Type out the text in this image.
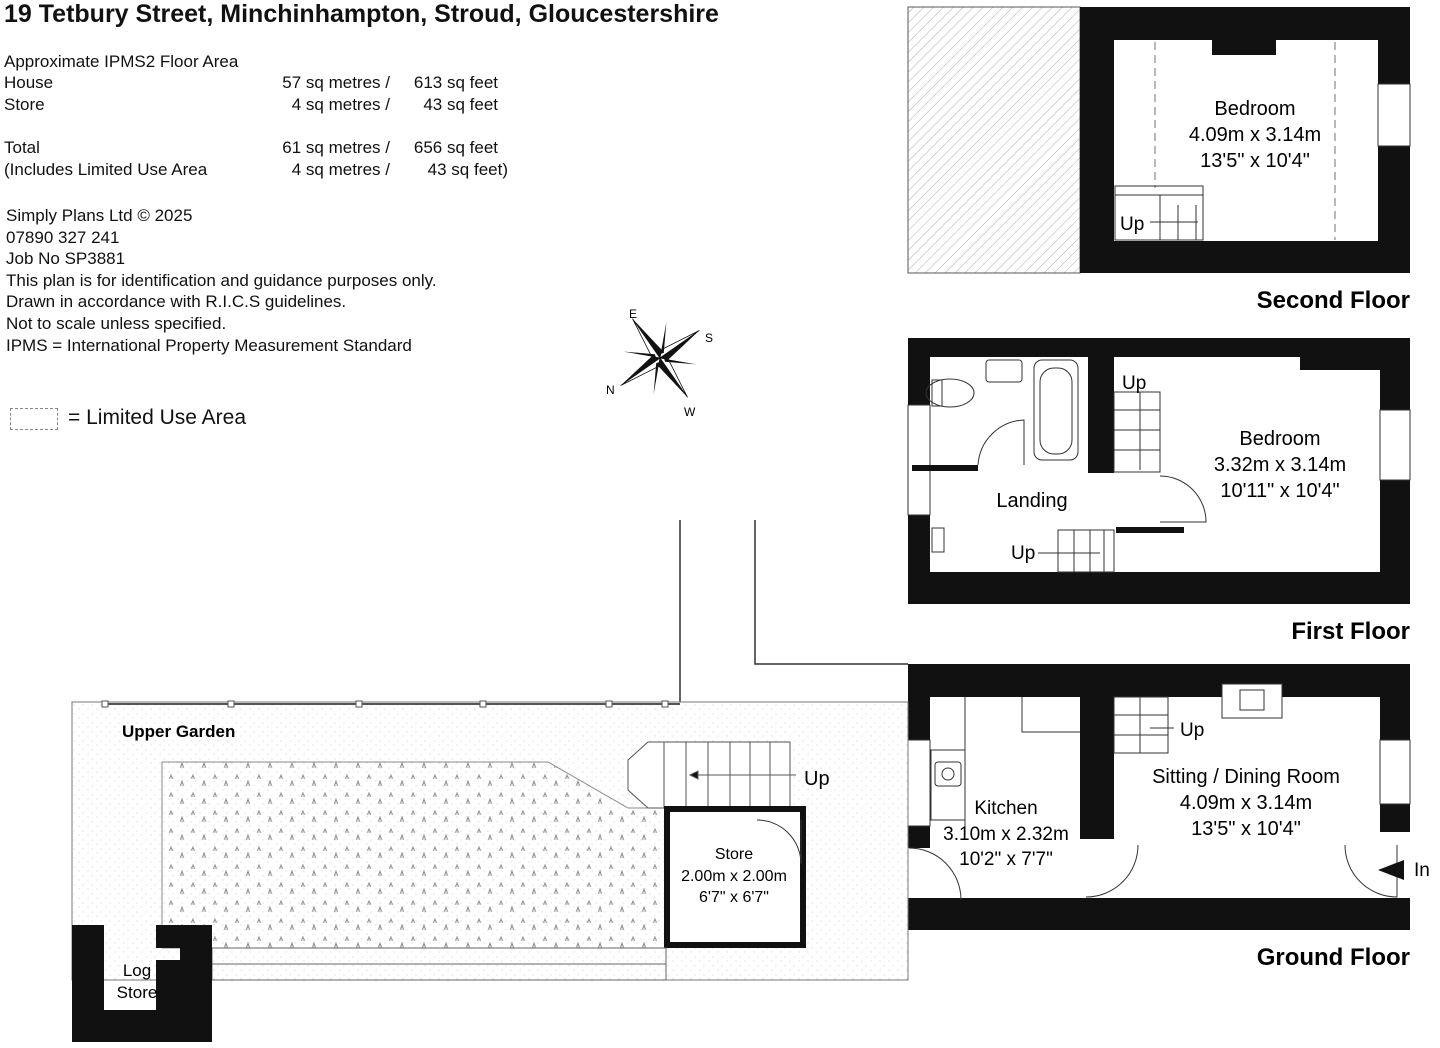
19 Tetbury Street, Minchinhampton, Stroud, Gloucestershire
Approximate IPMS2 Floor Area
House	57 sq metres /	613 sq feet
Store	4 sq metres /	43 sq feet
Total	61 sq metres /	656 sq feet
(Includes Limited Use Area	4 sq metres /	43 sq feet)
Simply Plans Ltd © 2025
07890 327 241
Job No SP3881
This plan is for identification and guidance purposes only.
Drawn in accordance with R.I.C.S guidelines.
Not to scale unless specified.
IPMS = International Property Measurement Standard
= Limited Use Area
Bedroom
4.09m x 3.14m
13'5" x 10'4"
Up
Bedroom
3.32m x 3.14m
10'11" x 10'4"
Landing
Up
Up
Kitchen
3.10m x 2.32m
10'2" x 7'7"
Sitting / Dining Room
4.09m x 3.14m
13'5" x 10'4"
Up
In
Up
Store
2.00m x 2.00m
6'7" x 6'7"
Log
Store
Upper Garden
E
S
N
W
Second Floor
First Floor
Ground Floor
